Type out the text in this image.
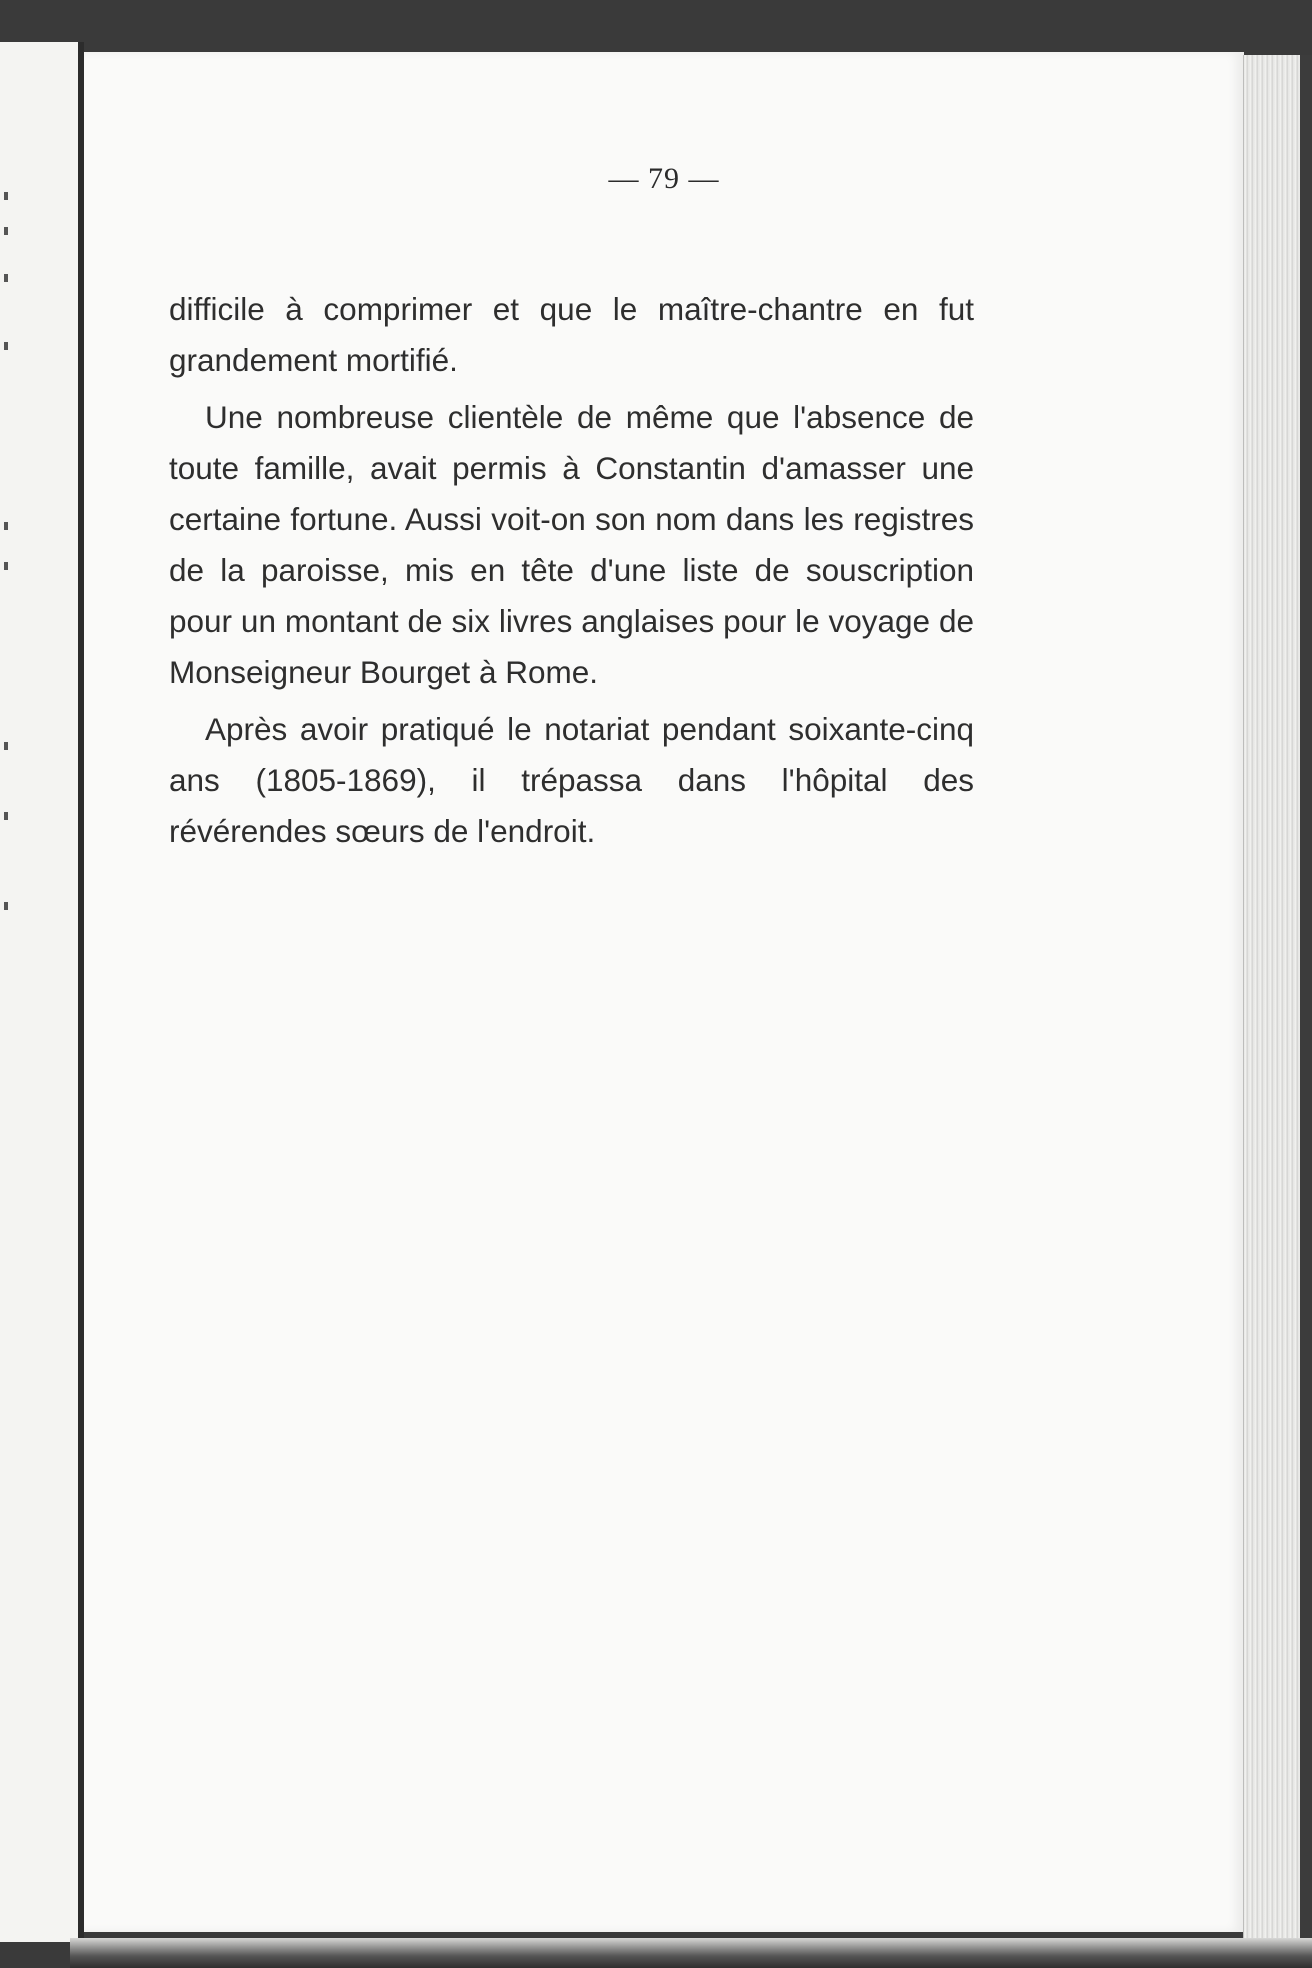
— 79 —

difficile à comprimer et que le maître-chantre en fut grandement mortifié.

Une nombreuse clientèle de même que l'absence de toute famille, avait permis à Constantin d'amasser une certaine fortune. Aussi voit-on son nom dans les registres de la paroisse, mis en tête d'une liste de souscription pour un montant de six livres anglaises pour le voyage de Monseigneur Bourget à Rome.

Après avoir pratiqué le notariat pendant soixante-cinq ans (1805-1869), il trépassa dans l'hôpital des révérendes sœurs de l'endroit.
